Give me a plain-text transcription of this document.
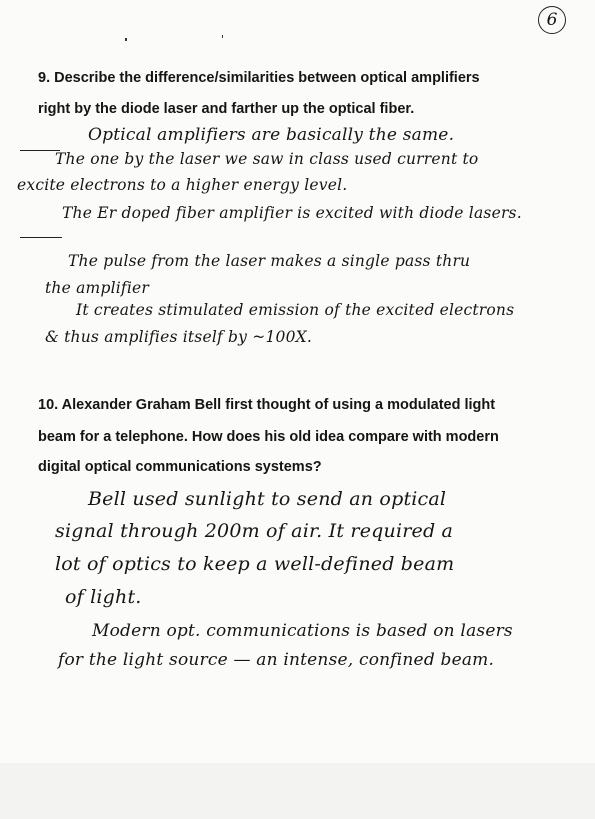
6
9. Describe the difference/similarities between optical amplifiers
right by the diode laser and farther up the optical fiber.
Optical amplifiers are basically the same.
The one by the laser we saw in class used current to
excite electrons to a higher energy level.
The Er doped fiber amplifier is excited with diode lasers.
The pulse from the laser makes a single pass thru
the amplifier
It creates stimulated emission of the excited electrons
& thus amplifies itself by ~100X.
10. Alexander Graham Bell first thought of using a modulated light
beam for a telephone. How does his old idea compare with modern
digital optical communications systems?
Bell used sunlight to send an optical
signal through 200m of air. It required a
lot of optics to keep a well-defined beam
of light.
Modern opt. communications is based on lasers
for the light source — an intense, confined beam.
